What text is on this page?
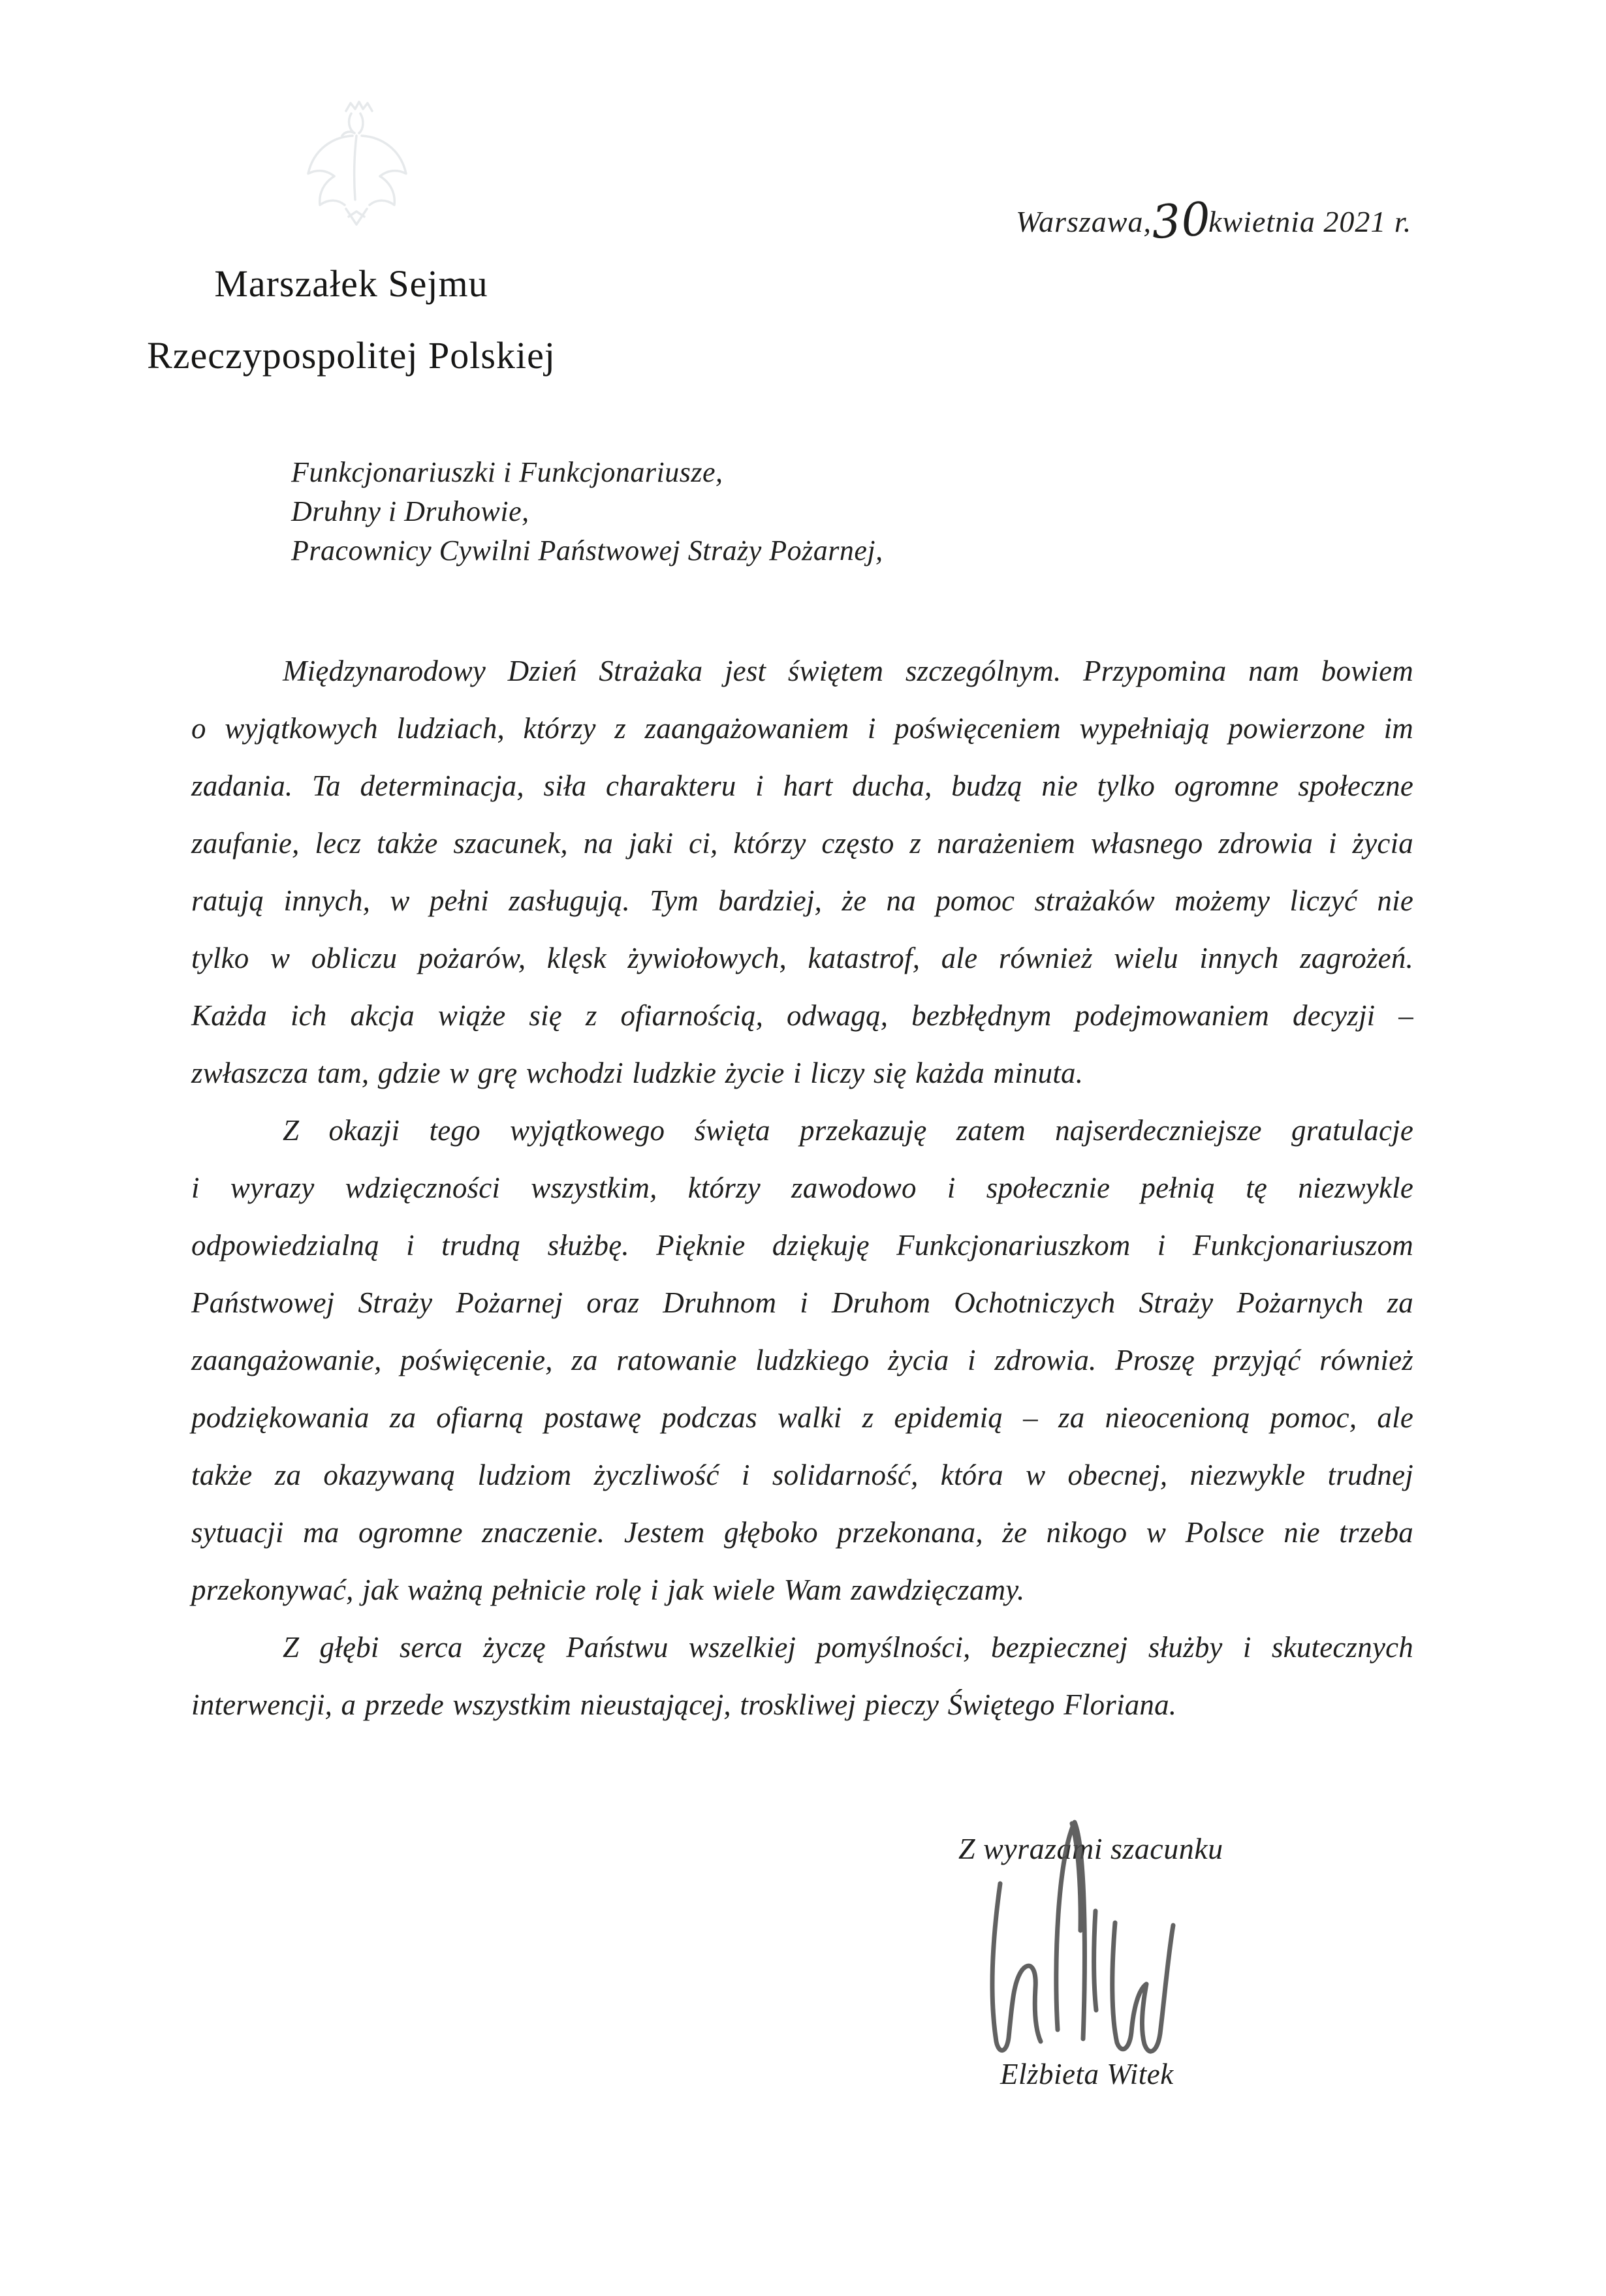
Warszawa,30kwietnia 2021 r.
Marszałek Sejmu
Rzeczypospolitej Polskiej
Funkcjonariuszki i Funkcjonariusze,
Druhny i Druhowie,
Pracownicy Cywilni Państwowej Straży Pożarnej,
Międzynarodowy Dzień Strażaka jest świętem szczególnym. Przypomina nam bowiem
o wyjątkowych ludziach, którzy z zaangażowaniem i poświęceniem wypełniają powierzone im
zadania. Ta determinacja, siła charakteru i hart ducha, budzą nie tylko ogromne społeczne
zaufanie, lecz także szacunek, na jaki ci, którzy często z narażeniem własnego zdrowia i życia
ratują innych, w pełni zasługują. Tym bardziej, że na pomoc strażaków możemy liczyć nie
tylko w obliczu pożarów, klęsk żywiołowych, katastrof, ale również wielu innych zagrożeń.
Każda ich akcja wiąże się z ofiarnością, odwagą, bezbłędnym podejmowaniem decyzji –
zwłaszcza tam, gdzie w grę wchodzi ludzkie życie i liczy się każda minuta.
Z okazji tego wyjątkowego święta przekazuję zatem najserdeczniejsze gratulacje
i wyrazy wdzięczności wszystkim, którzy zawodowo i społecznie pełnią tę niezwykle
odpowiedzialną i trudną służbę. Pięknie dziękuję Funkcjonariuszkom i Funkcjonariuszom
Państwowej Straży Pożarnej oraz Druhnom i Druhom Ochotniczych Straży Pożarnych za
zaangażowanie, poświęcenie, za ratowanie ludzkiego życia i zdrowia. Proszę przyjąć również
podziękowania za ofiarną postawę podczas walki z epidemią – za nieocenioną pomoc, ale
także za okazywaną ludziom życzliwość i solidarność, która w obecnej, niezwykle trudnej
sytuacji ma ogromne znaczenie. Jestem głęboko przekonana, że nikogo w Polsce nie trzeba
przekonywać, jak ważną pełnicie rolę i jak wiele Wam zawdzięczamy.
Z głębi serca życzę Państwu wszelkiej pomyślności, bezpiecznej służby i skutecznych
interwencji, a przede wszystkim nieustającej, troskliwej pieczy Świętego Floriana.
Z wyrazami szacunku
Elżbieta Witek
